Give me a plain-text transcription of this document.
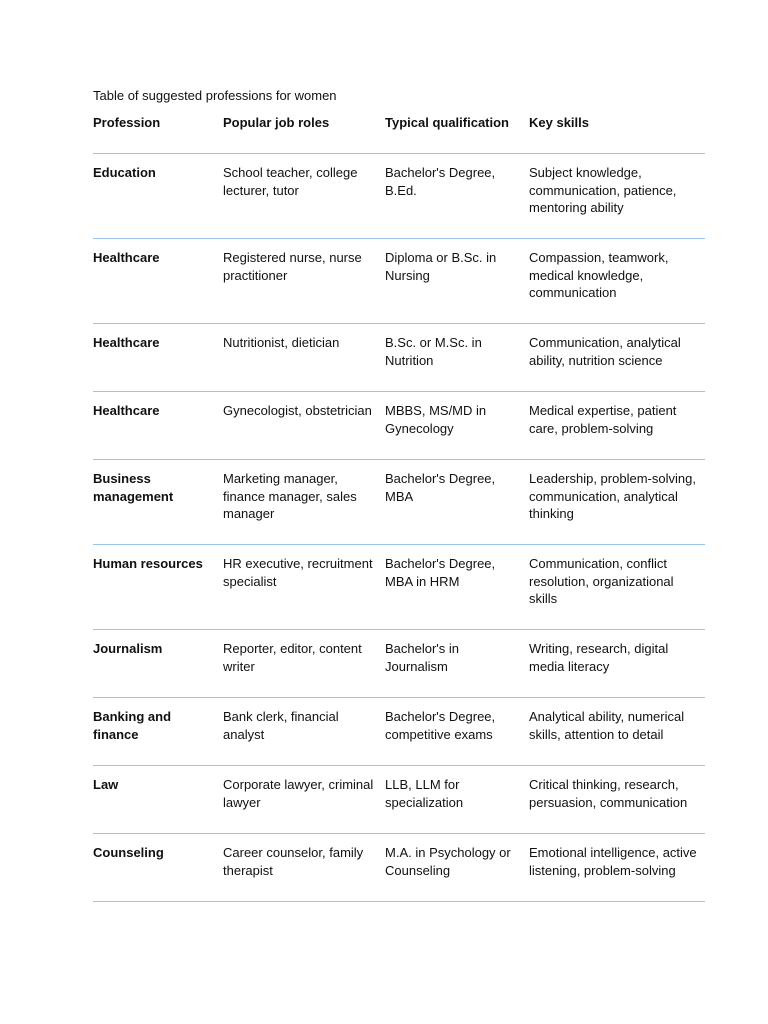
Table of suggested professions for women
Profession	Popular job roles	Typical qualification	Key skills
Education	School teacher, college lecturer, tutor	Bachelor's Degree, B.Ed.	Subject knowledge, communication, patience, mentoring ability
Healthcare	Registered nurse, nurse practitioner	Diploma or B.Sc. in Nursing	Compassion, teamwork, medical knowledge, communication
Healthcare	Nutritionist, dietician	B.Sc. or M.Sc. in Nutrition	Communication, analytical ability, nutrition science
Healthcare	Gynecologist, obstetrician	MBBS, MS/MD in Gynecology	Medical expertise, patient care, problem-solving
Business management	Marketing manager, finance manager, sales manager	Bachelor's Degree, MBA	Leadership, problem-solving, communication, analytical thinking
Human resources	HR executive, recruitment specialist	Bachelor's Degree, MBA in HRM	Communication, conflict resolution, organizational skills
Journalism	Reporter, editor, content writer	Bachelor's in Journalism	Writing, research, digital media literacy
Banking and finance	Bank clerk, financial analyst	Bachelor's Degree, competitive exams	Analytical ability, numerical skills, attention to detail
Law	Corporate lawyer, criminal lawyer	LLB, LLM for specialization	Critical thinking, research, persuasion, communication
Counseling	Career counselor, family therapist	M.A. in Psychology or Counseling	Emotional intelligence, active listening, problem-solving
